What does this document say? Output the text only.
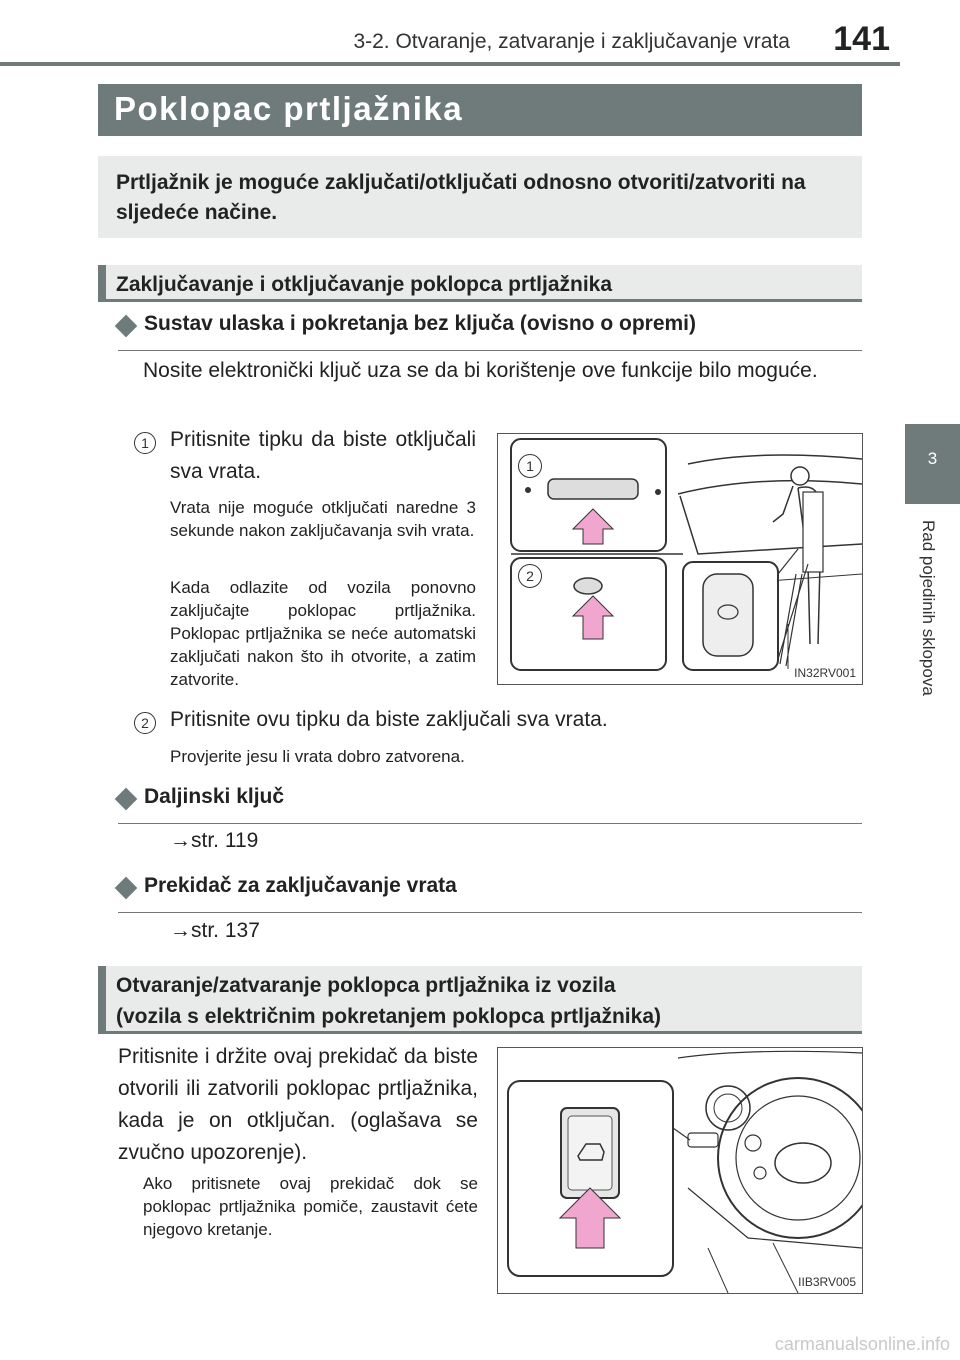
3-2. Otvaranje, zatvaranje i zaključavanje vrata 141
3
Rad pojedinih sklopova
Poklopac prtljažnika

Prtljažnik je moguće zaključati/otključati odnosno otvoriti/zatvoriti na sljedeće načine.

Zaključavanje i otključavanje poklopca prtljažnika

Sustav ulaska i pokretanja bez ključa (ovisno o opremi)
Nosite elektronički ključ uza se da bi korištenje ove funkcije bilo moguće.
1	Pritisnite tipku da biste otključali sva vrata.
Vrata nije moguće otključati naredne 3 sekunde nakon zaključavanja svih vrata.
Kada odlazite od vozila ponovno zaključajte poklopac prtljažnika. Poklopac prtljažnika se neće automatski zaključati nakon što ih otvorite, a zatim zatvorite.
1
2
IN32RV001
2	Pritisnite ovu tipku da biste zaključali sva vrata.
Provjerite jesu li vrata dobro zatvorena.
Daljinski ključ
→str. 119
Prekidač za zaključavanje vrata
→str. 137

Otvaranje/zatvaranje poklopca prtljažnika iz vozila

(vozila s električnim pokretanjem poklopca prtljažnika)

Pritisnite i držite ovaj prekidač da biste otvorili ili zatvorili poklopac prtljažnika, kada je on otključan. (oglašava se zvučno upozorenje).
Ako pritisnete ovaj prekidač dok se poklopac prtljažnika pomiče, zaustavit ćete njegovo kretanje.
IIB3RV005
carmanualsonline.info
